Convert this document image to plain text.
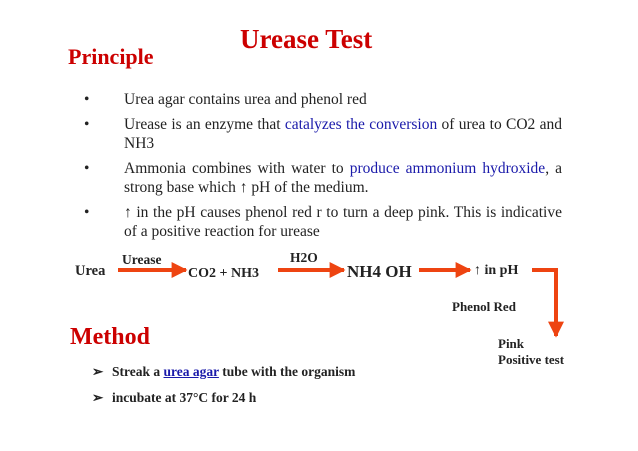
Urease Test
Principle
•	Urea agar contains urea and phenol red
•	Urease is an enzyme that catalyzes the conversion of urea to CO2 and NH3
•	Ammonia combines with water to produce ammonium hydroxide, a strong base which ↑ pH of the medium.
•	↑ in the pH causes phenol red r to turn a deep pink. This is indicative of a positive reaction for urease
Urea
Urease
CO2 + NH3
H2O
NH4 OH	↑ in pH
Phenol Red
Pink
Positive test
Method
➢ Streak a urea agar tube with the organism
➢ incubate at 37°C for 24 h
